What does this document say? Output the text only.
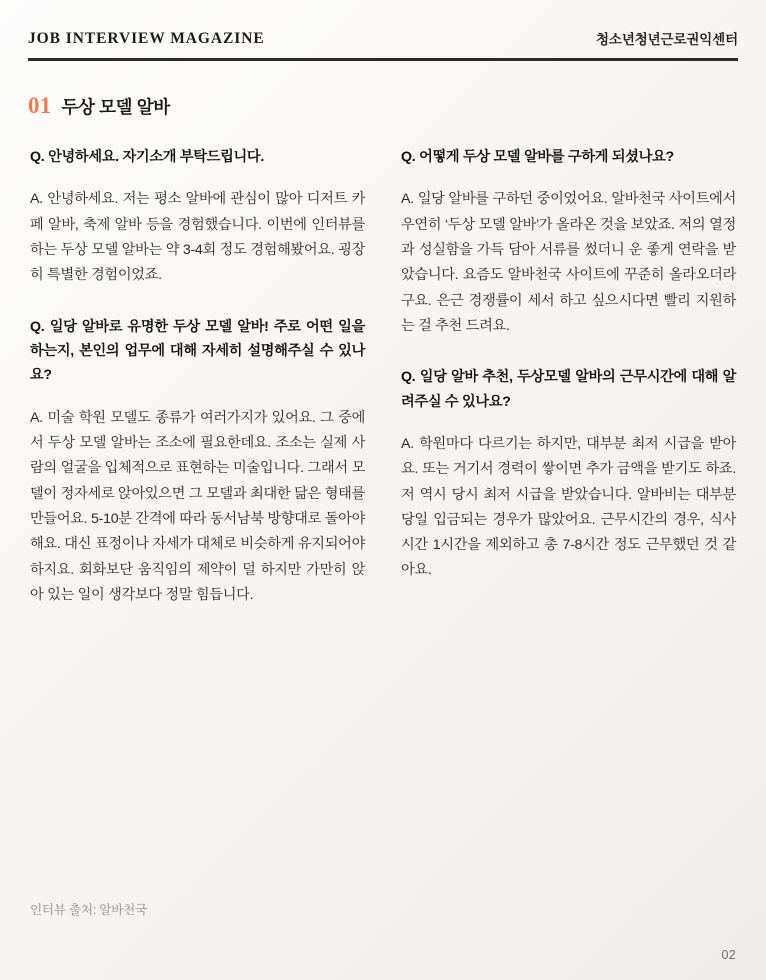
JOB INTERVIEW MAGAZINE	청소년청년근로권익센터
01 두상 모델 알바

Q. 안녕하세요. 자기소개 부탁드립니다.

A. 안녕하세요. 저는 평소 알바에 관심이 많아 디저트 카페 알바, 축제 알바 등을 경험했습니다. 이번에 인터뷰를 하는 두상 모델 알바는 약 3-4회 정도 경험해봤어요. 굉장히 특별한 경험이었죠.

Q. 일당 알바로 유명한 두상 모델 알바! 주로 어떤 일을 하는지, 본인의 업무에 대해 자세히 설명해주실 수 있나요?

A. 미술 학원 모델도 종류가 여러가지가 있어요. 그 중에서 두상 모델 알바는 조소에 필요한데요. 조소는 실제 사람의 얼굴을 입체적으로 표현하는 미술입니다. 그래서 모델이 정자세로 앉아있으면 그 모델과 최대한 닮은 형태를 만들어요. 5-10분 간격에 따라 동서남북 방향대로 돌아야 해요. 대신 표정이나 자세가 대체로 비슷하게 유지되어야 하지요. 회화보단 움직임의 제약이 덜 하지만 가만히 앉아 있는 일이 생각보다 정말 힘듭니다.

Q. 어떻게 두상 모델 알바를 구하게 되셨나요?

A. 일당 알바를 구하던 중이었어요. 알바천국 사이트에서 우연히 ‘두상 모델 알바’가 올라온 것을 보았죠. 저의 열정과 성실함을 가득 담아 서류를 썼더니 운 좋게 연락을 받았습니다. 요즘도 알바천국 사이트에 꾸준히 올라오더라구요. 은근 경쟁률이 세서 하고 싶으시다면 빨리 지원하는 걸 추천 드려요.

Q. 일당 알바 추천, 두상모델 알바의 근무시간에 대해 알려주실 수 있나요?

A. 학원마다 다르기는 하지만, 대부분 최저 시급을 받아요. 또는 거기서 경력이 쌓이면 추가 금액을 받기도 하죠. 저 역시 당시 최저 시급을 받았습니다. 알바비는 대부분 당일 입금되는 경우가 많았어요. 근무시간의 경우, 식사시간 1시간을 제외하고 총 7-8시간 정도 근무했던 것 같아요.

인터뷰 출처: 알바천국
02
